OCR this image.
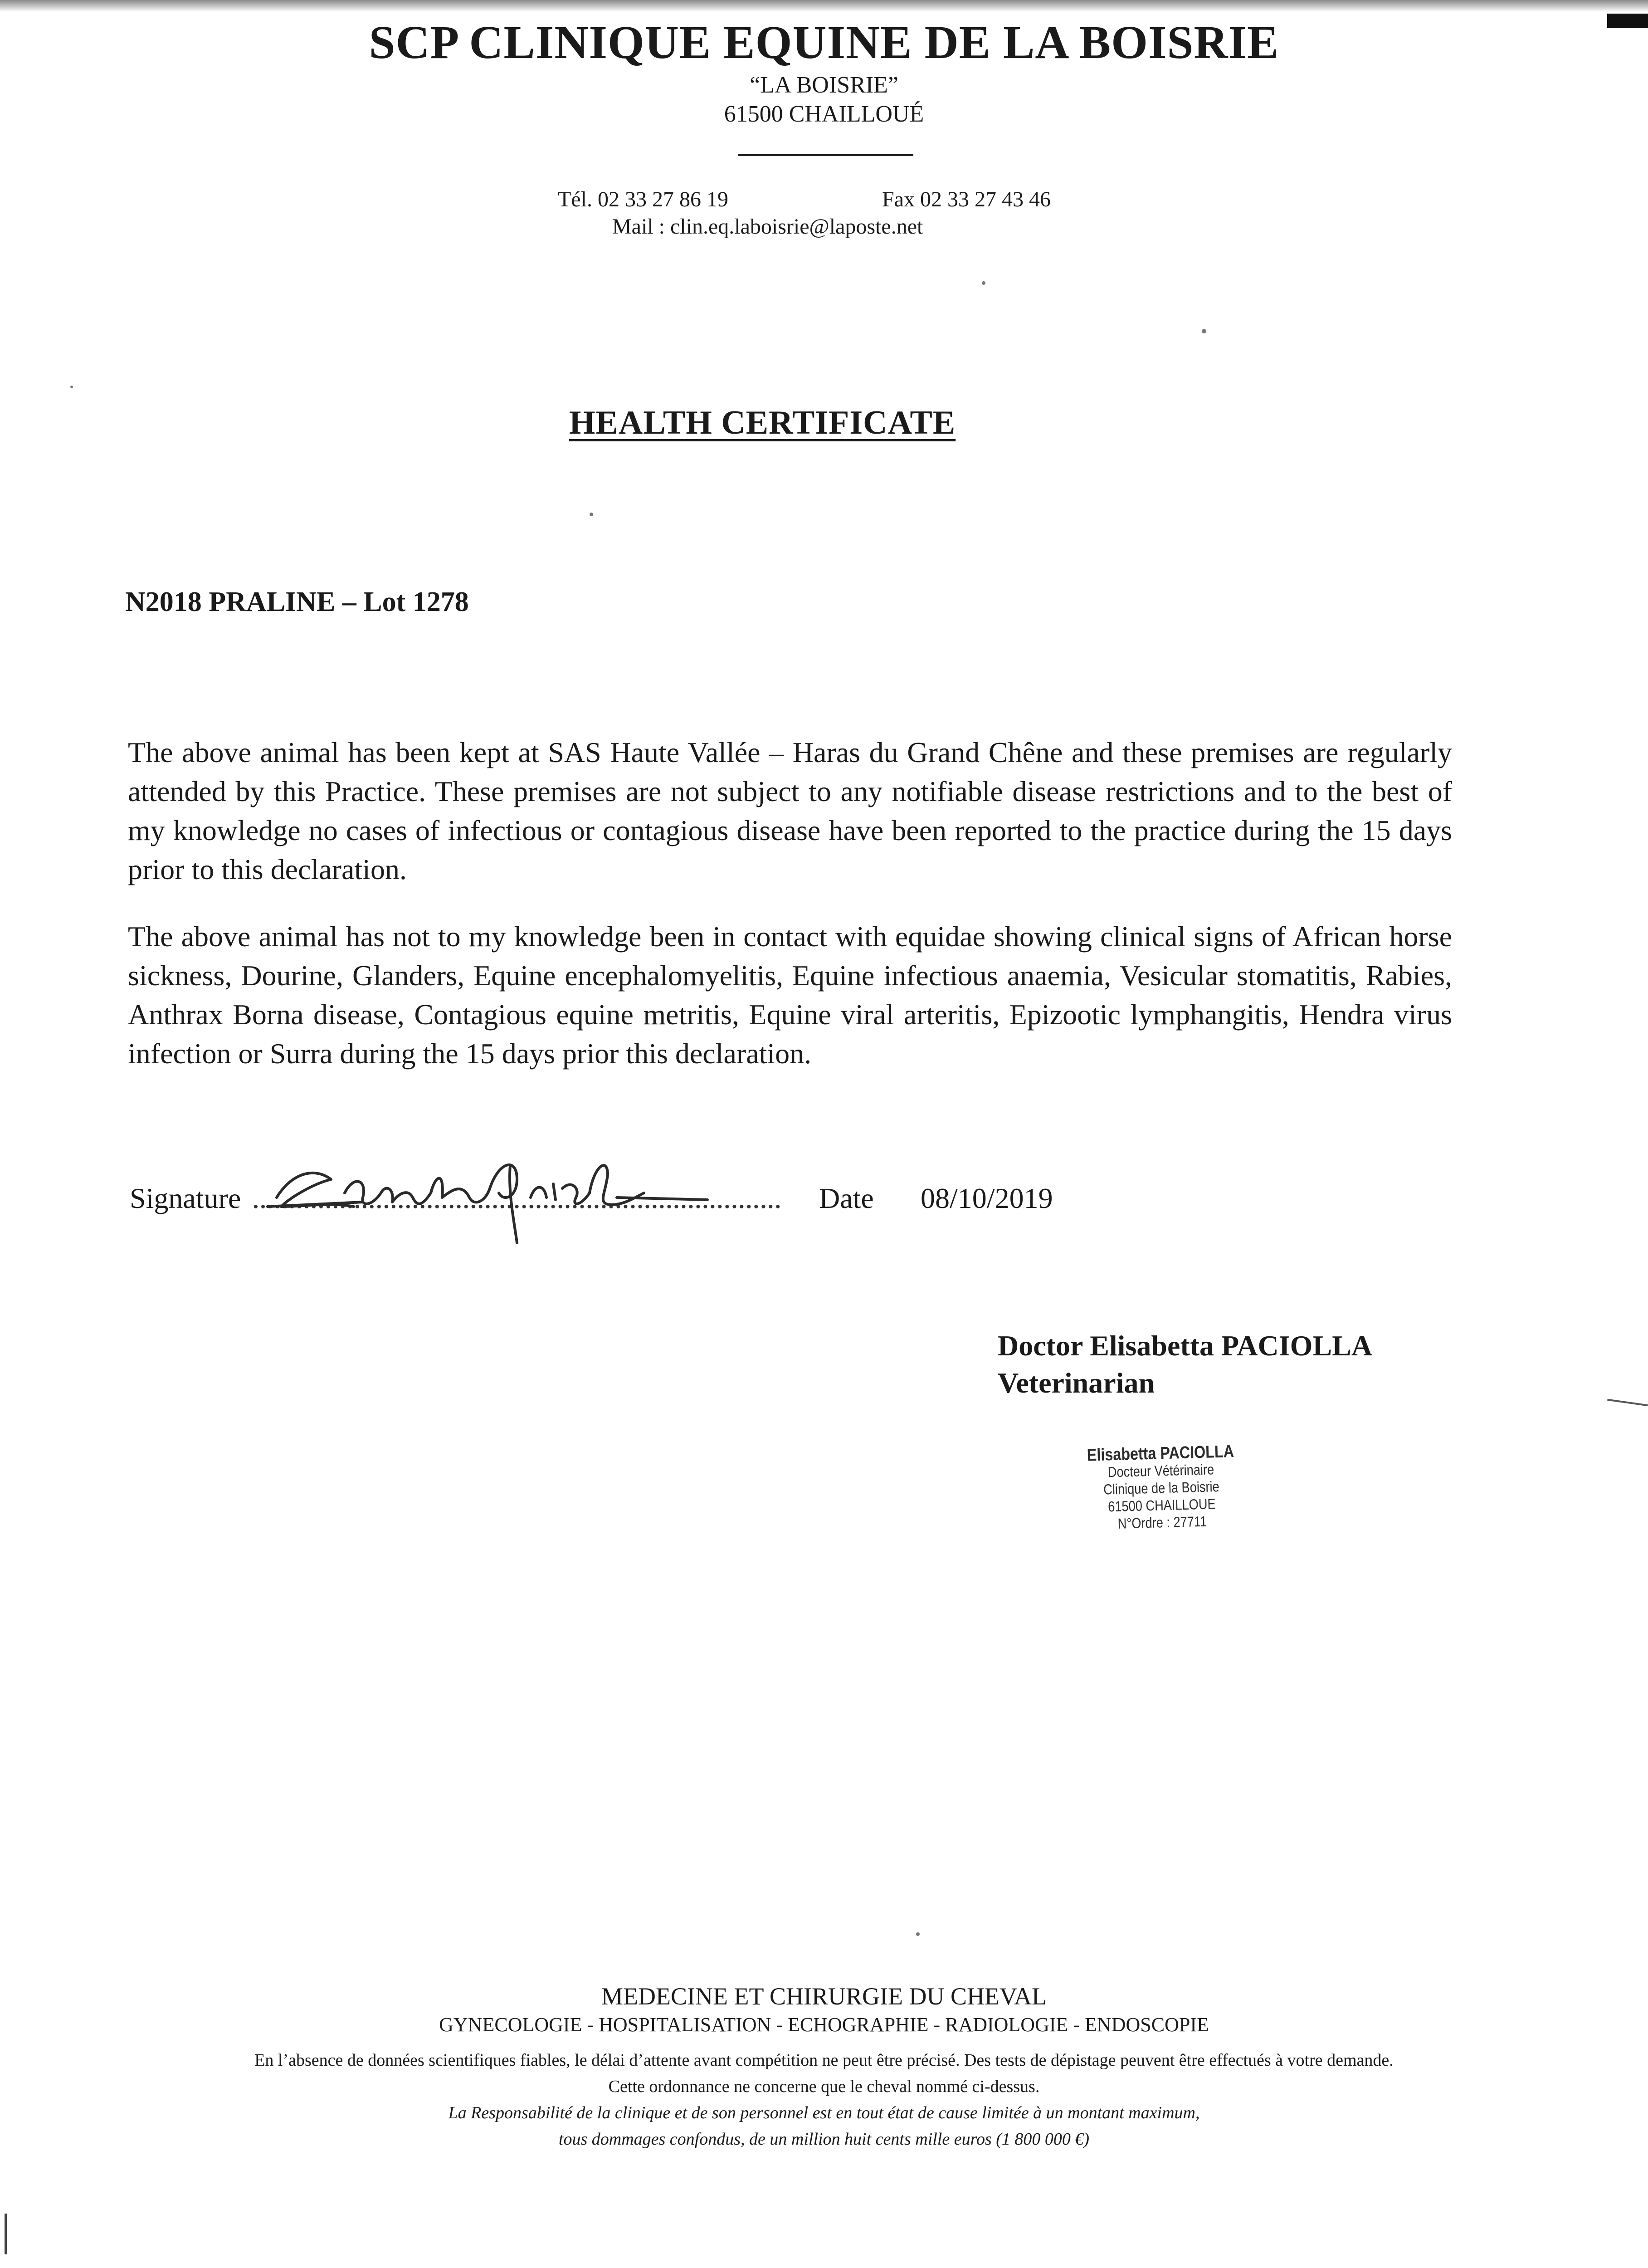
SCP CLINIQUE EQUINE DE LA BOISRIE
“LA BOISRIE”
61500 CHAILLOUÉ
Tél. 02 33 27 86 19	Fax 02 33 27 43 46
Mail : clin.eq.laboisrie@laposte.net
HEALTH CERTIFICATE
N2018 PRALINE – Lot 1278

The above animal has been kept at SAS Haute Vallée – Haras du Grand Chêne and these premises are regularly attended by this Practice. These premises are not subject to any notifiable disease restrictions and to the best of my knowledge no cases of infectious or contagious disease have been reported to the practice during the 15 days prior to this declaration.

The above animal has not to my knowledge been in contact with equidae showing clinical signs of African horse sickness, Dourine, Glanders, Equine encephalomyelitis, Equine infectious anaemia, Vesicular stomatitis, Rabies, Anthrax Borna disease, Contagious equine metritis, Equine viral arteritis, Epizootic lymphangitis, Hendra virus infection or Surra during the 15 days prior this declaration.

Signature	Date 08/10/2019
Doctor Elisabetta PACIOLLA
Veterinarian
Elisabetta PACIOLLA
Docteur Vétérinaire
Clinique de la Boisrie
61500 CHAILLOUE
N°Ordre : 27711
MEDECINE ET CHIRURGIE DU CHEVAL
GYNECOLOGIE - HOSPITALISATION - ECHOGRAPHIE - RADIOLOGIE - ENDOSCOPIE
En l’absence de données scientifiques fiables, le délai d’attente avant compétition ne peut être précisé. Des tests de dépistage peuvent être effectués à votre demande.
Cette ordonnance ne concerne que le cheval nommé ci-dessus.
La Responsabilité de la clinique et de son personnel est en tout état de cause limitée à un montant maximum,
tous dommages confondus, de un million huit cents mille euros (1 800 000 €)
